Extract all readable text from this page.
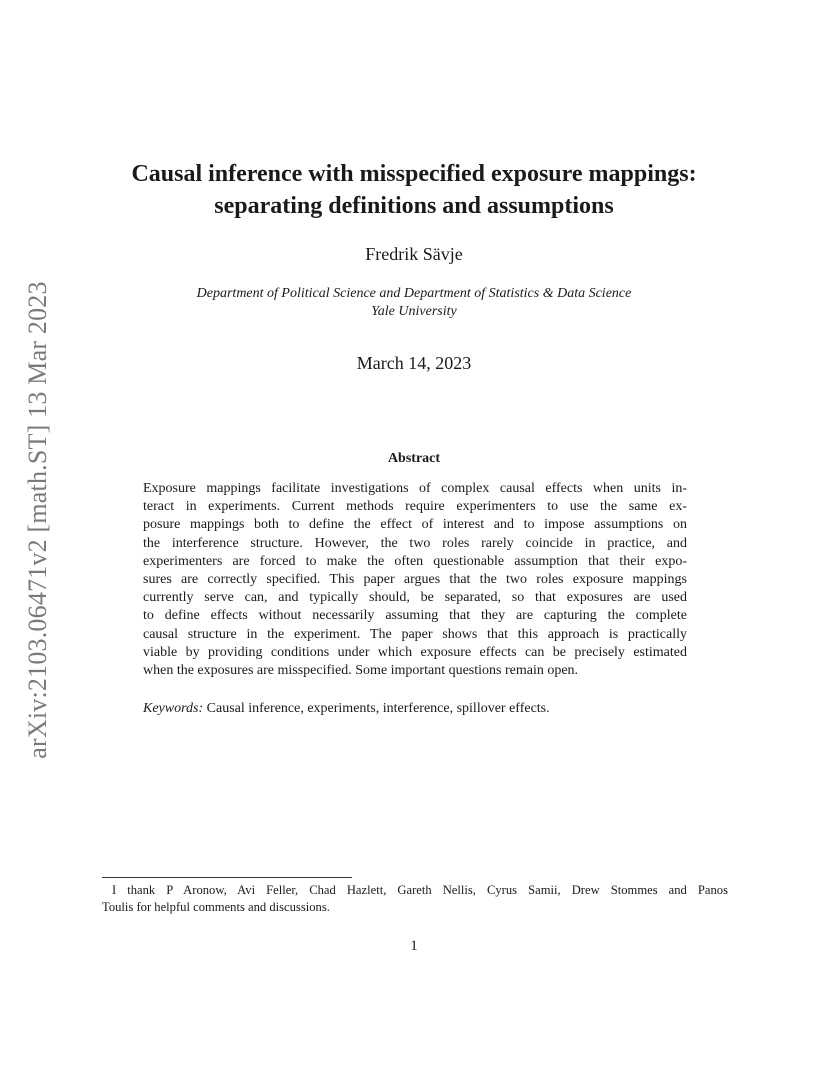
arXiv:2103.06471v2 [math.ST] 13 Mar 2023
Causal inference with misspecified exposure mappings:
separating definitions and assumptions
Fredrik Sävje
Department of Political Science and Department of Statistics & Data Science
Yale University
March 14, 2023
Abstract
Exposure mappings facilitate investigations of complex causal effects when units in-
teract in experiments. Current methods require experimenters to use the same ex-
posure mappings both to define the effect of interest and to impose assumptions on
the interference structure. However, the two roles rarely coincide in practice, and
experimenters are forced to make the often questionable assumption that their expo-
sures are correctly specified. This paper argues that the two roles exposure mappings
currently serve can, and typically should, be separated, so that exposures are used
to define effects without necessarily assuming that they are capturing the complete
causal structure in the experiment. The paper shows that this approach is practically
viable by providing conditions under which exposure effects can be precisely estimated
when the exposures are misspecified. Some important questions remain open.
Keywords: Causal inference, experiments, interference, spillover effects.
I thank P Aronow, Avi Feller, Chad Hazlett, Gareth Nellis, Cyrus Samii, Drew Stommes and Panos
Toulis for helpful comments and discussions.
1
